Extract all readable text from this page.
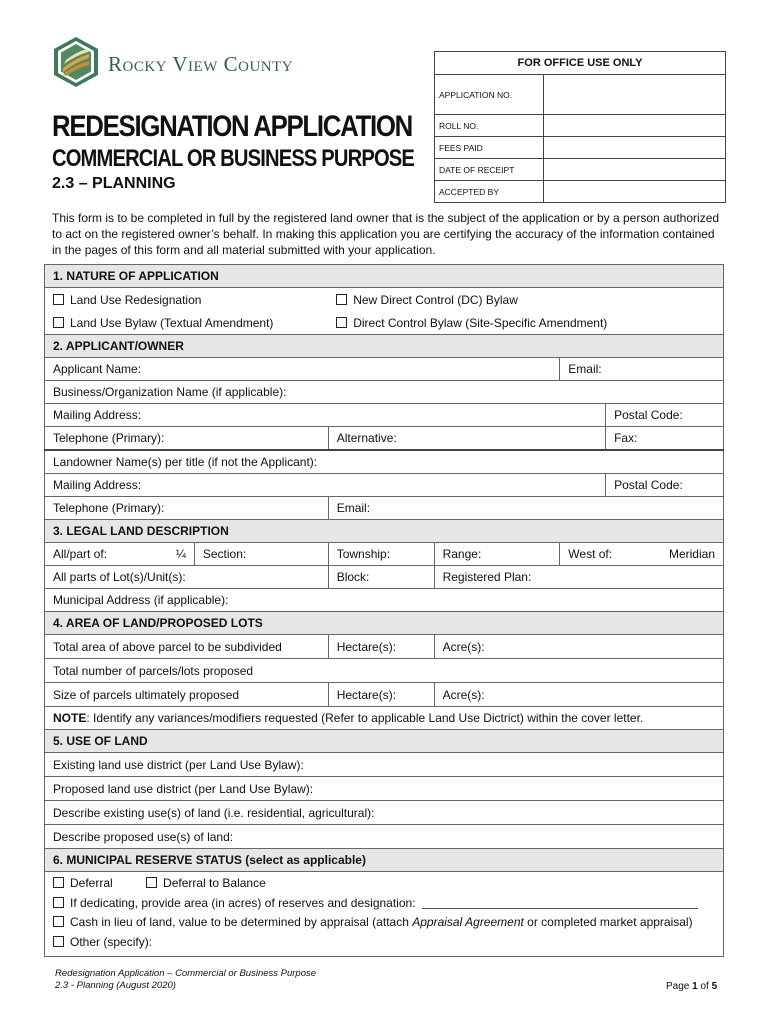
Rocky View County
REDESIGNATION APPLICATION
COMMERCIAL OR BUSINESS PURPOSE
2.3 – PLANNING
FOR OFFICE USE ONLY	
APPLICATION NO.	
ROLL NO.	
FEES PAID	
DATE OF RECEIPT	
ACCEPTED BY	
This form is to be completed in full by the registered land owner that is the subject of the application or by a person authorized to act on the registered owner’s behalf. In making this application you are certifying the accuracy of the information contained in the pages of this form and all material submitted with your application.
1. NATURE OF APPLICATION						
Land Use Redesignation			New Direct Control (DC) Bylaw			
Land Use Bylaw (Textual Amendment)			Direct Control Bylaw (Site-Specific Amendment)			
2. APPLICANT/OWNER						
Applicant Name:					Email:	
Business/Organization Name (if applicable):						
Mailing Address:						Postal Code:
Telephone (Primary):			Alternative:			Fax:
Landowner Name(s) per title (if not the Applicant):						
Mailing Address:						Postal Code:
Telephone (Primary):			Email:			
3. LEGAL LAND DESCRIPTION						
All/part of:	¼	Section:	Township:	Range:	West of: Meridian	

All parts of Lot(s)/Unit(s):			Block:	Registered Plan:		
Municipal Address (if applicable):						
4. AREA OF LAND/PROPOSED LOTS						
Total area of above parcel to be subdivided			Hectare(s):	Acre(s):		
Total number of parcels/lots proposed						
Size of parcels ultimately proposed			Hectare(s):	Acre(s):		
NOTE: Identify any variances/modifiers requested (Refer to applicable Land Use Dictrict) within the cover letter.						
5. USE OF LAND						
Existing land use district (per Land Use Bylaw):						
Proposed land use district (per Land Use Bylaw):						
Describe existing use(s) of land (i.e. residential, agricultural):						
Describe proposed use(s) of land:						
6. MUNICIPAL RESERVE STATUS (select as applicable)						
Deferral Deferral to Balance
If dedicating, provide area (in acres) of reserves and designation:
Cash in lieu of land, value to be determined by appraisal (attach Appraisal Agreement or completed market appraisal)
Other (specify):						
Redesignation Application – Commercial or Business Purpose
2.3 - Planning (August 2020)	Page 1 of 5
